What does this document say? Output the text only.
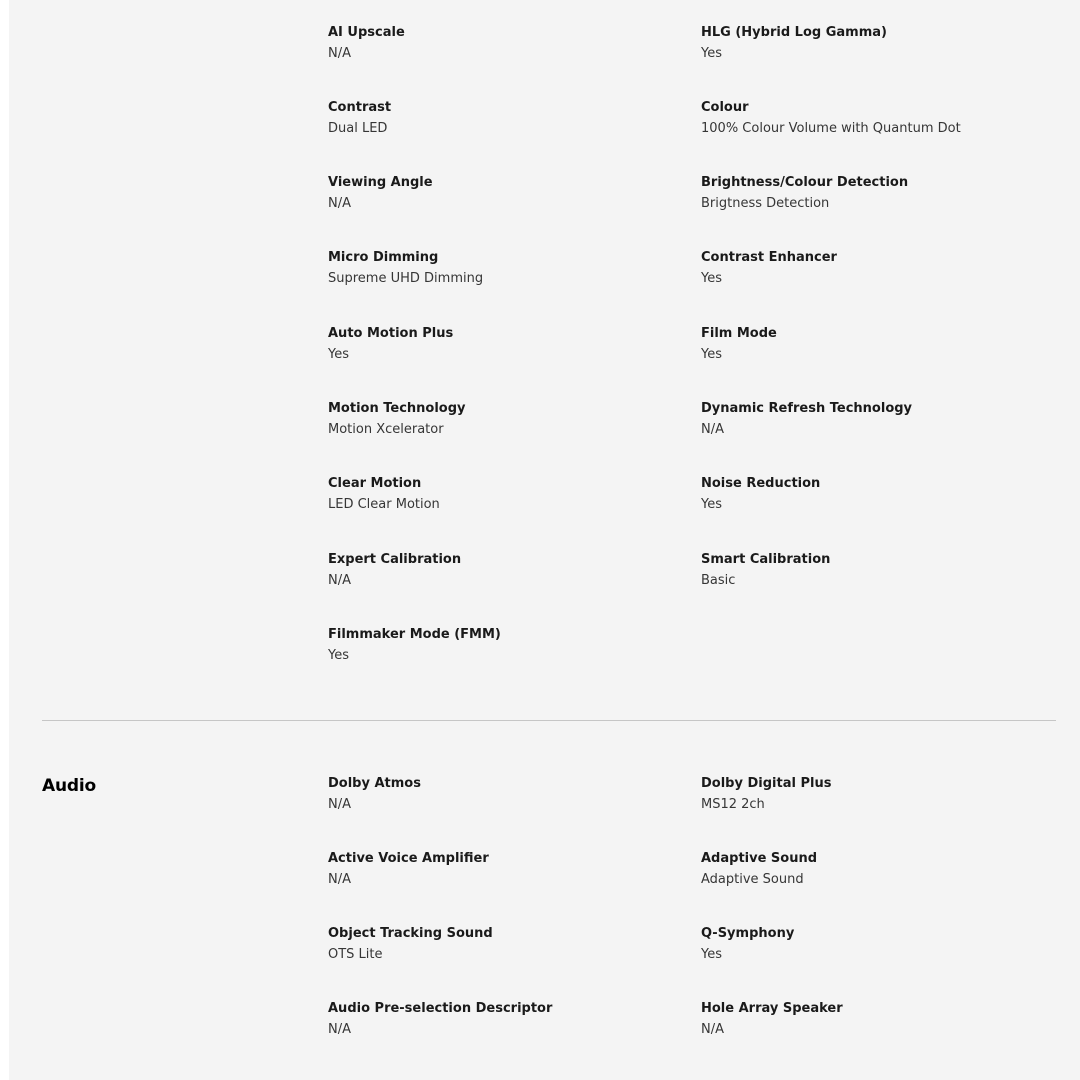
AI Upscale
N/A
HLG (Hybrid Log Gamma)
Yes
Contrast
Dual LED
Colour
100% Colour Volume with Quantum Dot
Viewing Angle
N/A
Brightness/Colour Detection
Brigtness Detection
Micro Dimming
Supreme UHD Dimming
Contrast Enhancer
Yes
Auto Motion Plus
Yes
Film Mode
Yes
Motion Technology
Motion Xcelerator
Dynamic Refresh Technology
N/A
Clear Motion
LED Clear Motion
Noise Reduction
Yes
Expert Calibration
N/A
Smart Calibration
Basic
Filmmaker Mode (FMM)
Yes
Audio	Dolby Atmos
N/A
Dolby Digital Plus
MS12 2ch
Active Voice Amplifier
N/A
Adaptive Sound
Adaptive Sound
Object Tracking Sound
OTS Lite
Q-Symphony
Yes
Audio Pre-selection Descriptor
N/A
Hole Array Speaker
N/A
